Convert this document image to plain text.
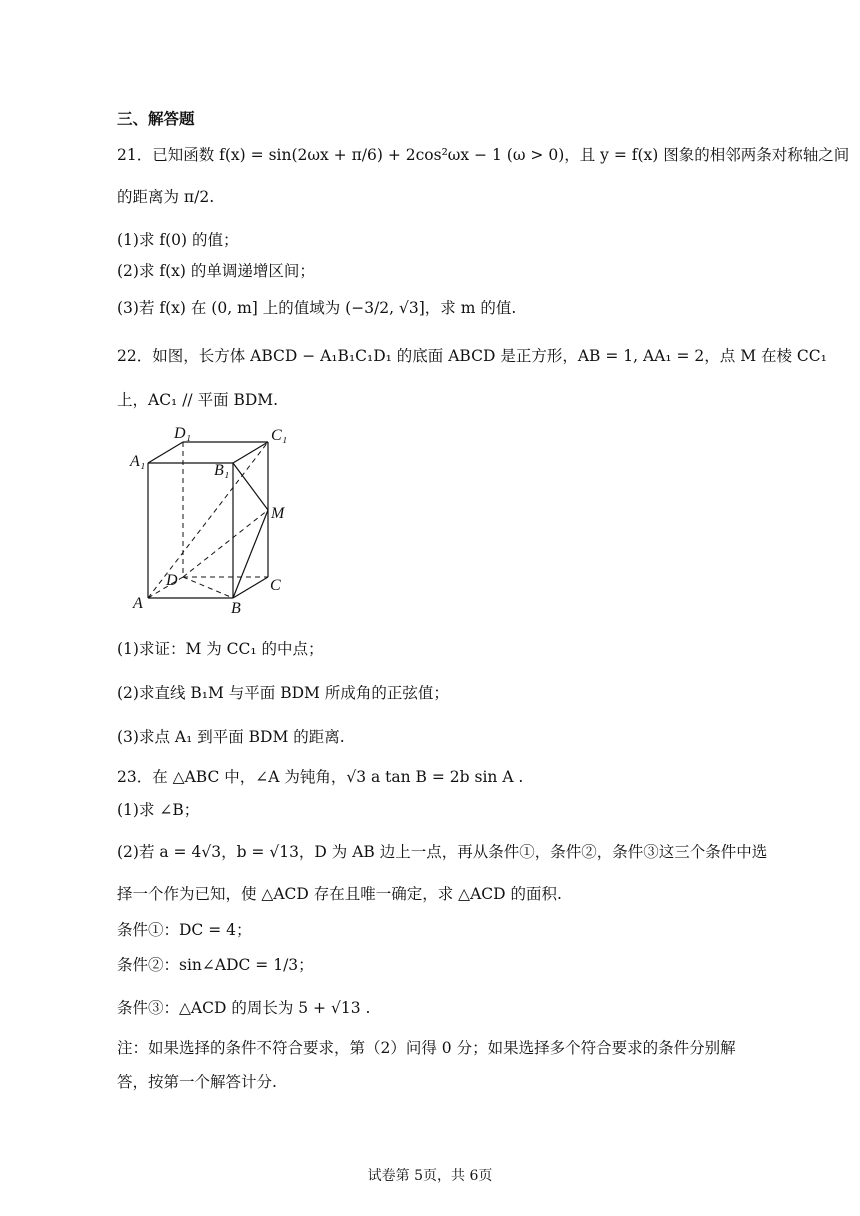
三、解答题
21．已知函数 f(x) = sin(2ωx + π/6) + 2cos²ωx − 1 (ω > 0)，且 y = f(x) 图象的相邻两条对称轴之间
的距离为 π/2.
(1)求 f(0) 的值；
(2)求 f(x) 的单调递增区间；
(3)若 f(x) 在 (0, m] 上的值域为 (−3/2, √3]，求 m 的值.
22．如图，长方体 ABCD − A₁B₁C₁D₁ 的底面 ABCD 是正方形，AB = 1, AA₁ = 2，点 M 在棱 CC₁
上，AC₁ // 平面 BDM.
D₁	C₁
A₁
B₁
M
D	C
A	B
(1)求证：M 为 CC₁ 的中点；
(2)求直线 B₁M 与平面 BDM 所成角的正弦值；
(3)求点 A₁ 到平面 BDM 的距离.
23．在 △ABC 中，∠A 为钝角，√3 a tan B = 2b sin A .
(1)求 ∠B；
(2)若 a = 4√3，b = √13，D 为 AB 边上一点，再从条件①，条件②，条件③这三个条件中选
择一个作为已知，使 △ACD 存在且唯一确定，求 △ACD 的面积.
条件①：DC = 4；
条件②：sin∠ADC = 1/3；
条件③：△ACD 的周长为 5 + √13 .
注：如果选择的条件不符合要求，第（2）问得 0 分；如果选择多个符合要求的条件分别解
答，按第一个解答计分.
试卷第 5页，共 6页
